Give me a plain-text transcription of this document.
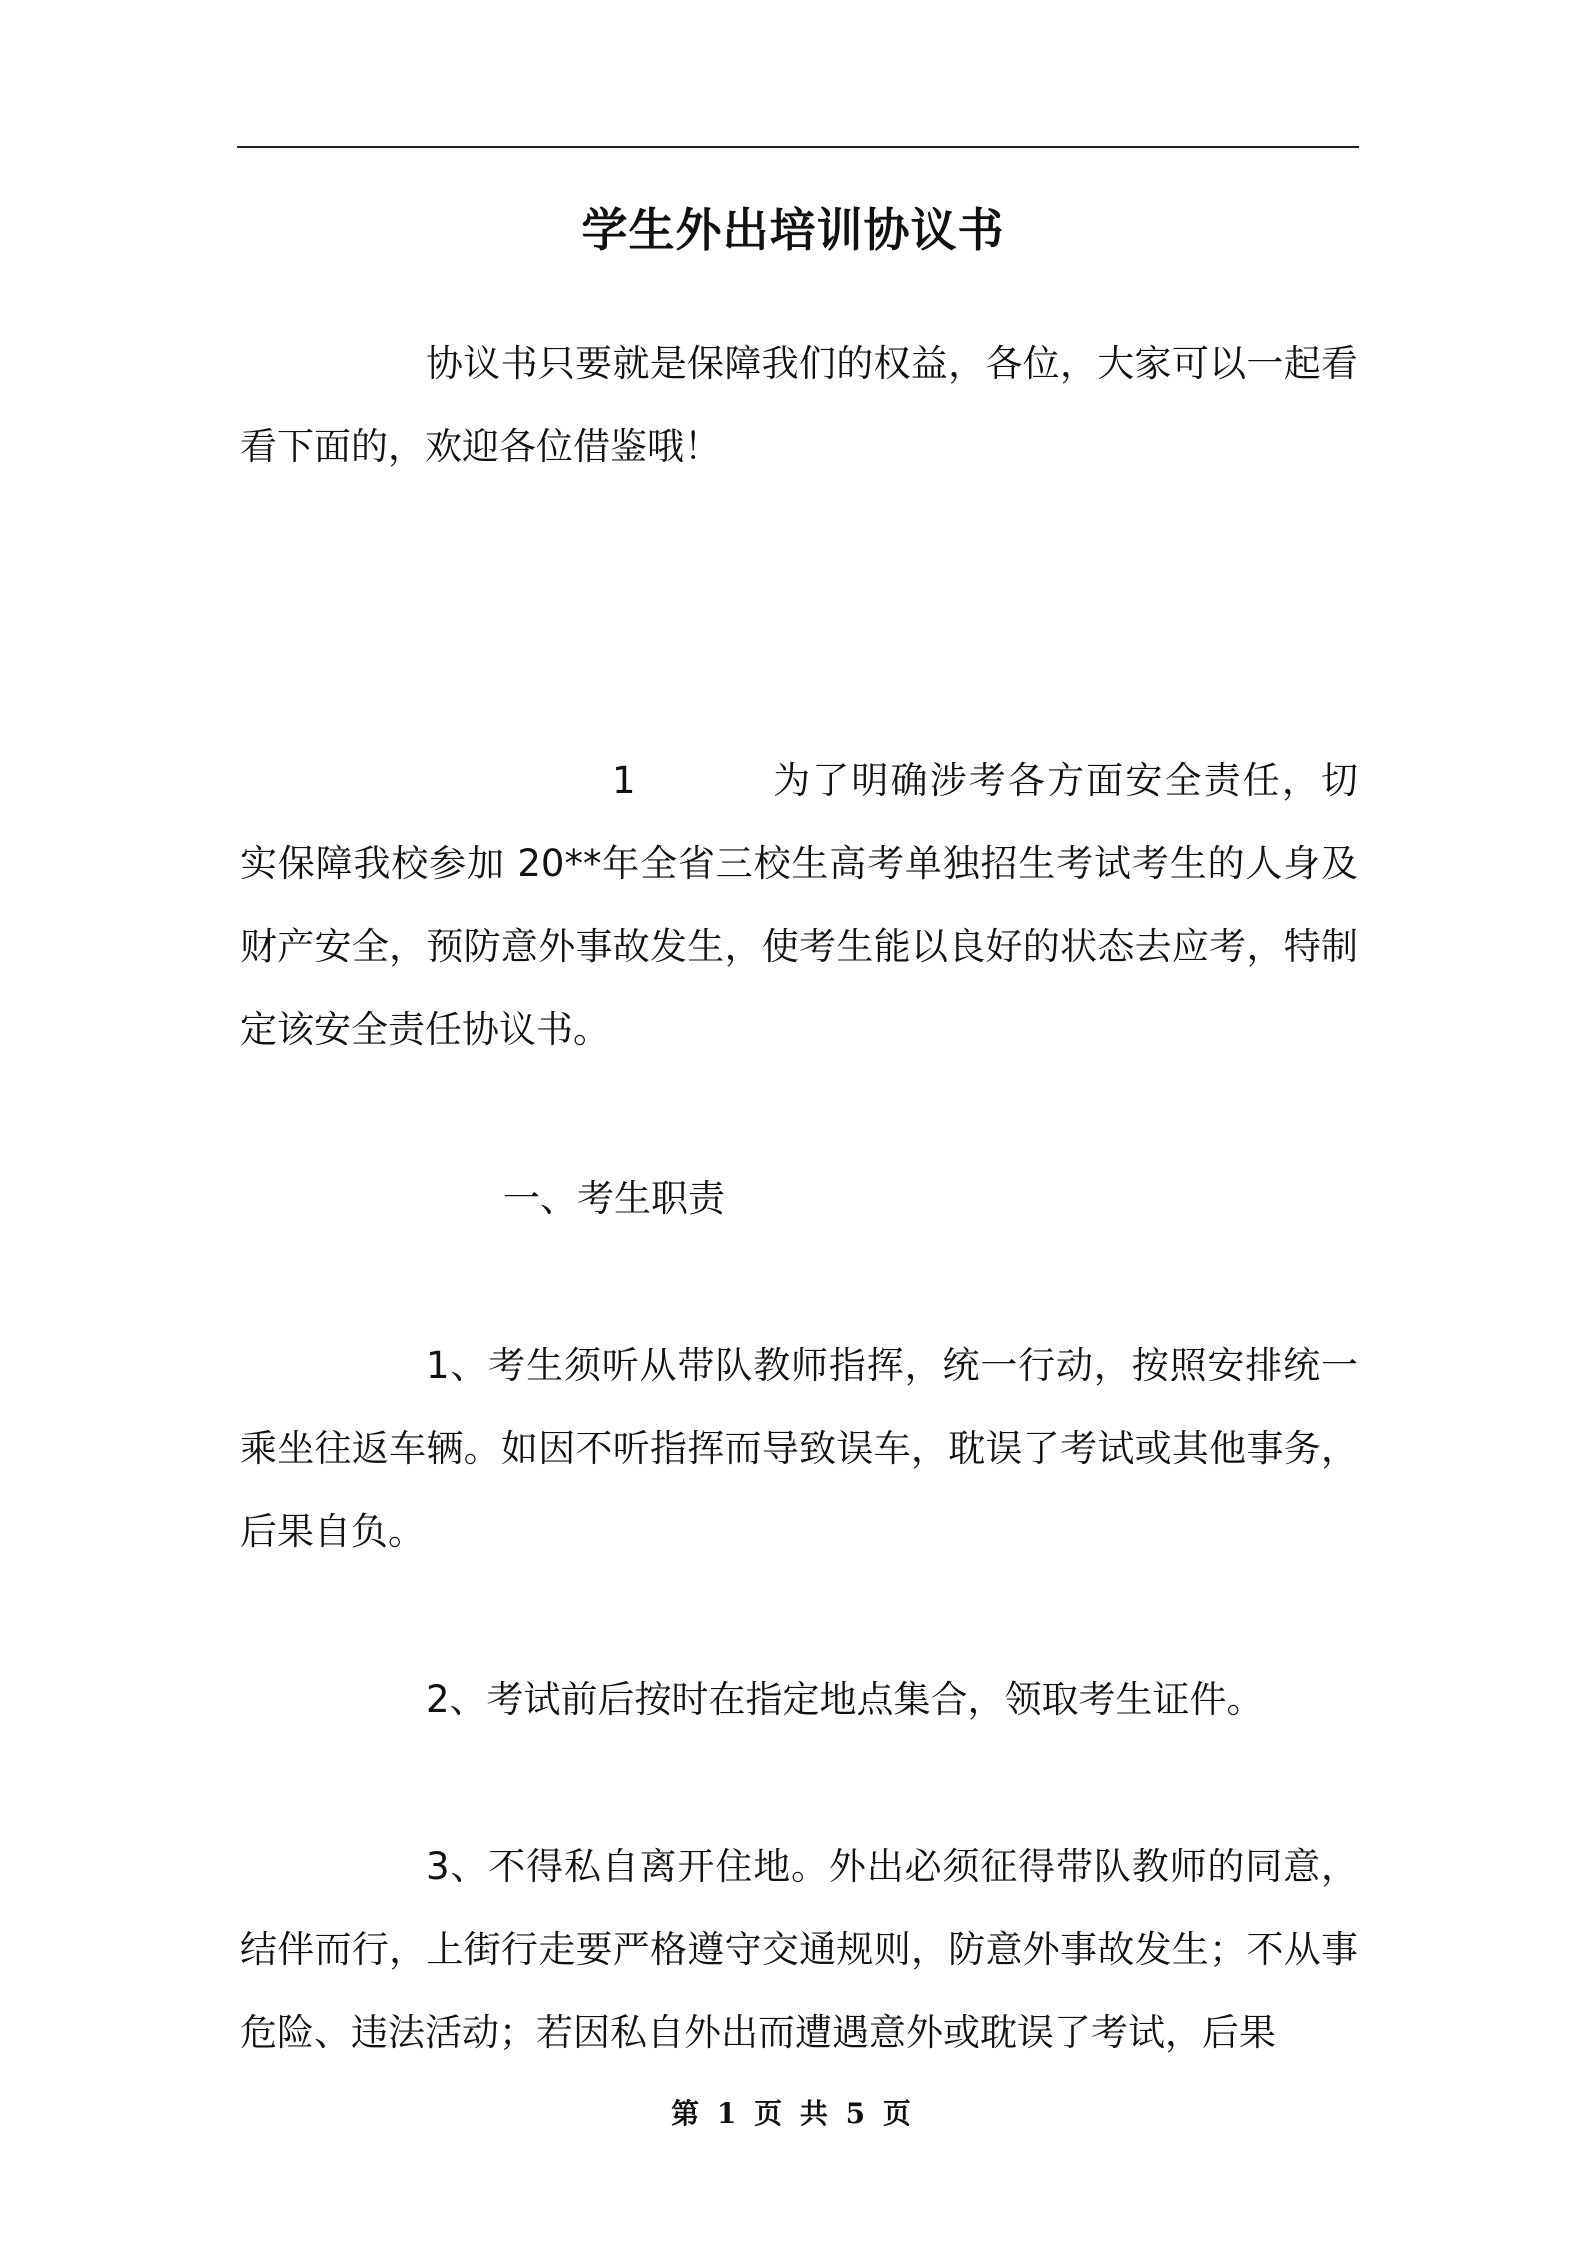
学生外出培训协议书
协议书只要就是保障我们的权益，各位，大家可以一起看看下面的，欢迎各位借鉴哦！
1	为了明确涉考各方面安全责任，切实保障我校参加 20**年全省三校生高考单独招生考试考生的人身及财产安全，预防意外事故发生，使考生能以良好的状态去应考，特制定该安全责任协议书。
一、考生职责
1、考生须听从带队教师指挥，统一行动，按照安排统一乘坐往返车辆。如因不听指挥而导致误车，耽误了考试或其他事务，后果自负。
2、考试前后按时在指定地点集合，领取考生证件。
3、不得私自离开住地。外出必须征得带队教师的同意，结伴而行，上街行走要严格遵守交通规则，防意外事故发生；不从事危险、违法活动；若因私自外出而遭遇意外或耽误了考试，后果
第 1 页 共 5 页
